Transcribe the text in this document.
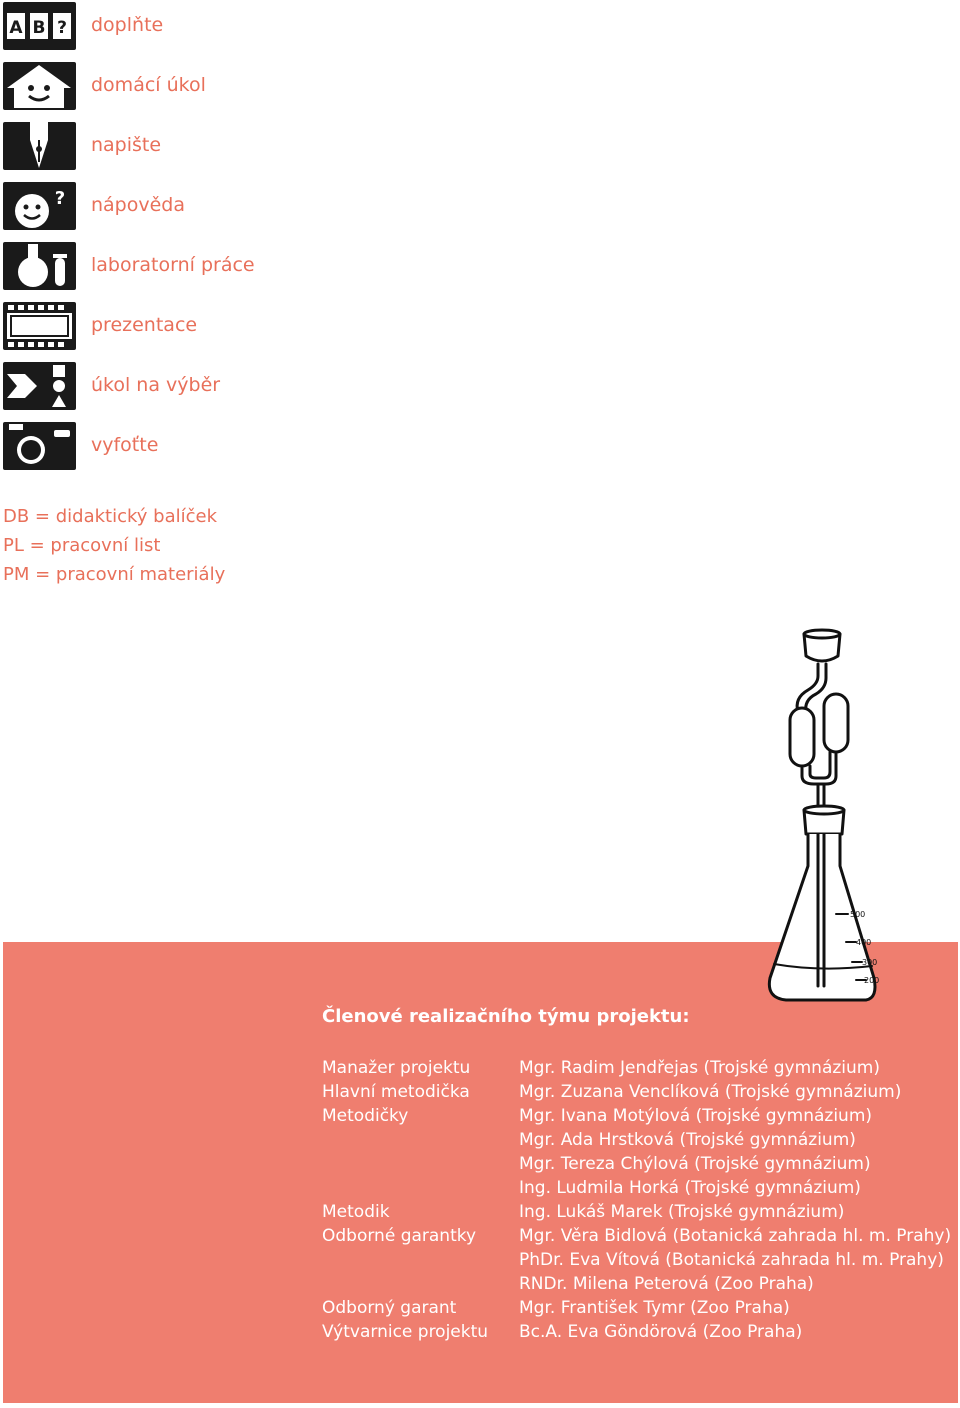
A B ? doplňte
domácí úkol
napište
? nápověda
laboratorní práce
prezentace
úkol na výběr
vyfoťte
DB = didaktický balíček
PL = pracovní list
PM = pracovní materiály
Členové realizačního týmu projektu:
Manažer projektu
Hlavní metodička
Metodičky
Metodik
Odborné garantky
Odborný garant
Výtvarnice projektu
Mgr. Radim Jendřejas (Trojské gymnázium)
Mgr. Zuzana Venclíková (Trojské gymnázium)
Mgr. Ivana Motýlová (Trojské gymnázium)
Mgr. Ada Hrstková (Trojské gymnázium)
Mgr. Tereza Chýlová (Trojské gymnázium)
Ing. Ludmila Horká (Trojské gymnázium)
Ing. Lukáš Marek (Trojské gymnázium)
Mgr. Věra Bidlová (Botanická zahrada hl. m. Prahy)
PhDr. Eva Vítová (Botanická zahrada hl. m. Prahy)
RNDr. Milena Peterová (Zoo Praha)
Mgr. František Tymr (Zoo Praha)
Bc.A. Eva Göndörová (Zoo Praha)
500
400
300
200
